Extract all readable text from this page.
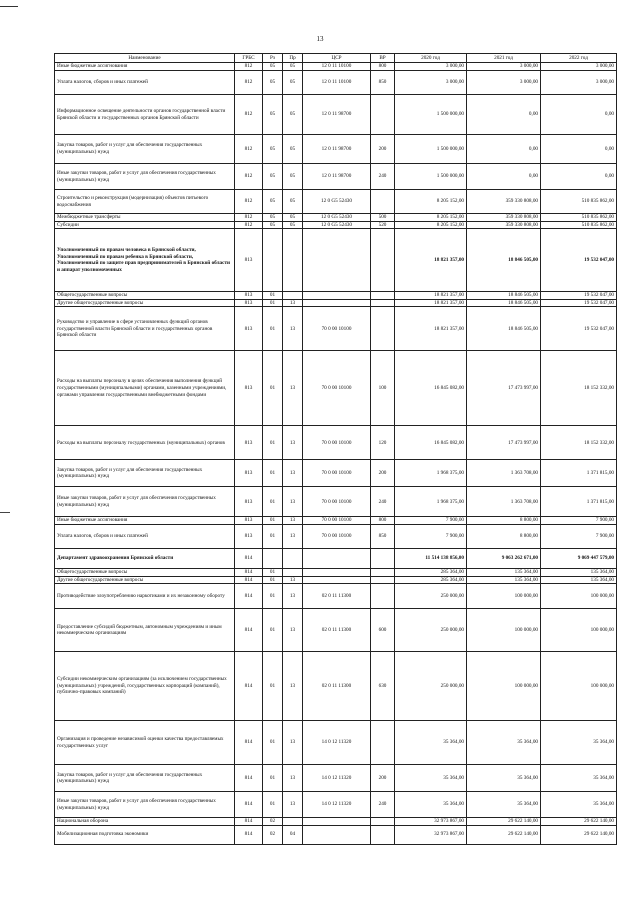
13
Наименование	ГРБС	Рз	Пр	ЦСР	ВР	2020 год	2021 год	2022 год
Иные бюджетные ассигнования	812	05	05	12 0 11 10100	800	3 000,00	3 000,00	3 000,00
Уплата налогов, сборов и иных платежей	812	05	05	12 0 11 10100	850	3 000,00	3 000,00	3 000,00
Информационное освещение деятельности органов государственной власти Брянской области и государственных органов Брянской области	812	05	05	12 0 11 98700		1 500 000,00	0,00	0,00
Закупка товаров, работ и услуг для обеспечения государственных (муниципальных) нужд	812	05	05	12 0 11 98700	200	1 500 000,00	0,00	0,00
Иные закупки товаров, работ и услуг для обеспечения государственных (муниципальных) нужд	812	05	05	12 0 11 98700	240	1 500 000,00	0,00	0,00
Строительство и реконструкция (модернизация) объектов питьевого водоснабжения	812	05	05	12 0 G5 52430		8 205 152,00	359 330 808,00	510 835 862,00
Межбюджетные трансферты	812	05	05	12 0 G5 52430	500	8 205 152,00	359 330 808,00	510 835 862,00
Субсидии	812	05	05	12 0 G5 52430	520	8 205 152,00	359 330 808,00	510 835 862,00
Уполномоченный по правам человека в Брянской области, Уполномоченный по правам ребенка в Брянской области, Уполномоченный по защите прав предпринимателей в Брянской области и аппарат уполномоченных	813					18 821 357,00	18 846 505,00	19 532 047,00
Общегосударственные вопросы	813	01				18 821 357,00	18 846 505,00	19 532 047,00
Другие общегосударственные вопросы	813	01	13			18 821 357,00	18 846 505,00	19 532 047,00
Руководство и управление в сфере установленных функций органов государственной власти Брянской области и государственных органов Брянской области	813	01	13	70 0 00 10100		18 821 357,00	18 846 505,00	19 532 047,00
Расходы на выплаты персоналу в целях обеспечения выполнения функций государственными (муниципальными) органами, казенными учреждениями, органами управления государственными внебюджетными фондами	813	01	13	70 0 00 10100	100	16 845 082,00	17 473 997,00	18 152 332,00
Расходы на выплаты персоналу государственных (муниципальных) органов	813	01	13	70 0 00 10100	120	16 845 082,00	17 473 997,00	18 152 332,00
Закупка товаров, работ и услуг для обеспечения государственных (муниципальных) нужд	813	01	13	70 0 00 10100	200	1 968 375,00	1 363 708,00	1 371 815,00
Иные закупки товаров, работ и услуг для обеспечения государственных (муниципальных) нужд	813	01	13	70 0 00 10100	240	1 968 375,00	1 363 708,00	1 371 815,00
Иные бюджетные ассигнования	813	01	13	70 0 00 10100	800	7 900,00	8 800,00	7 900,00
Уплата налогов, сборов и иных платежей	813	01	13	70 0 00 10100	850	7 900,00	8 800,00	7 900,00
Департамент здравоохранения Брянской области	814					11 514 138 856,00	9 063 262 671,00	9 069 447 579,00
Общегосударственные вопросы	814	01				285 364,00	135 364,00	135 364,00
Другие общегосударственные вопросы	814	01	13			285 364,00	135 364,00	135 364,00
Противодействие злоупотреблению наркотиками и их незаконному обороту	814	01	13	02 0 11 11300		250 000,00	100 000,00	100 000,00
Предоставление субсидий бюджетным, автономным учреждениям и иным некоммерческим организациям	814	01	13	02 0 11 11300	600	250 000,00	100 000,00	100 000,00
Субсидии некоммерческим организациям (за исключением государственных (муниципальных) учреждений, государственных корпораций (компаний), публично-правовых компаний)	814	01	13	02 0 11 11300	630	250 000,00	100 000,00	100 000,00
Организация и проведение независимой оценки качества предоставляемых государственных услуг	814	01	13	14 0 12 11320		35 364,00	35 364,00	35 364,00
Закупка товаров, работ и услуг для обеспечения государственных (муниципальных) нужд	814	01	13	14 0 12 11320	200	35 364,00	35 364,00	35 364,00
Иные закупки товаров, работ и услуг для обеспечения государственных (муниципальных) нужд	814	01	13	14 0 12 11320	240	35 364,00	35 364,00	35 364,00
Национальная оборона	814	02				32 973 867,00	29 622 140,00	29 622 140,00
Мобилизационная подготовка экономики	814	02	04			32 973 867,00	29 622 140,00	29 622 140,00
